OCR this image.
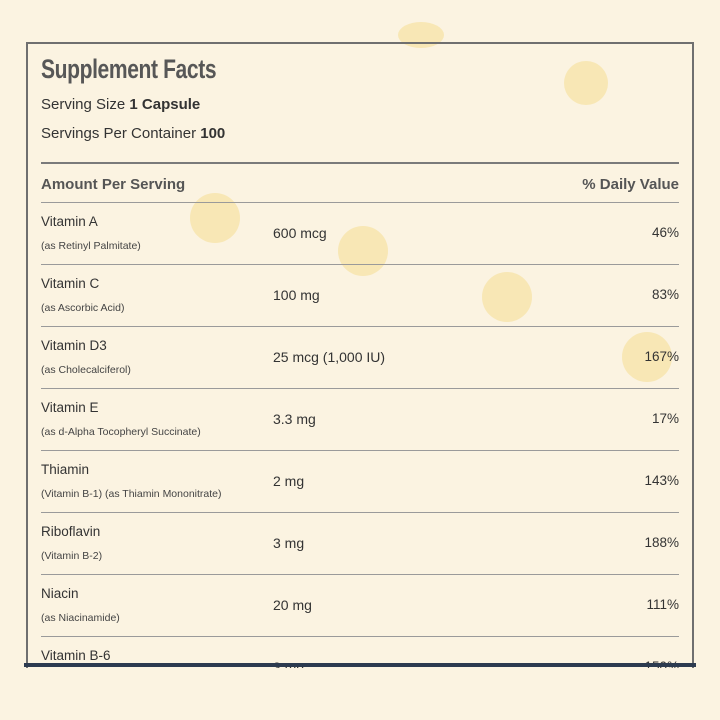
Supplement Facts
Serving Size 1 Capsule
Servings Per Container 100
Amount Per Serving	% Daily Value
Vitamin A
(as Retinyl Palmitate)
600 mcg	46%
Vitamin C
(as Ascorbic Acid)
100 mg	83%
Vitamin D3
(as Cholecalciferol)
25 mcg (1,000 IU)	167%
Vitamin E
(as d-Alpha Tocopheryl Succinate)
3.3 mg	17%
Thiamin
(Vitamin B-1) (as Thiamin Mononitrate)
2 mg	143%
Riboflavin
(Vitamin B-2)
3 mg	188%
Niacin
(as Niacinamide)
20 mg	111%
Vitamin B-6
